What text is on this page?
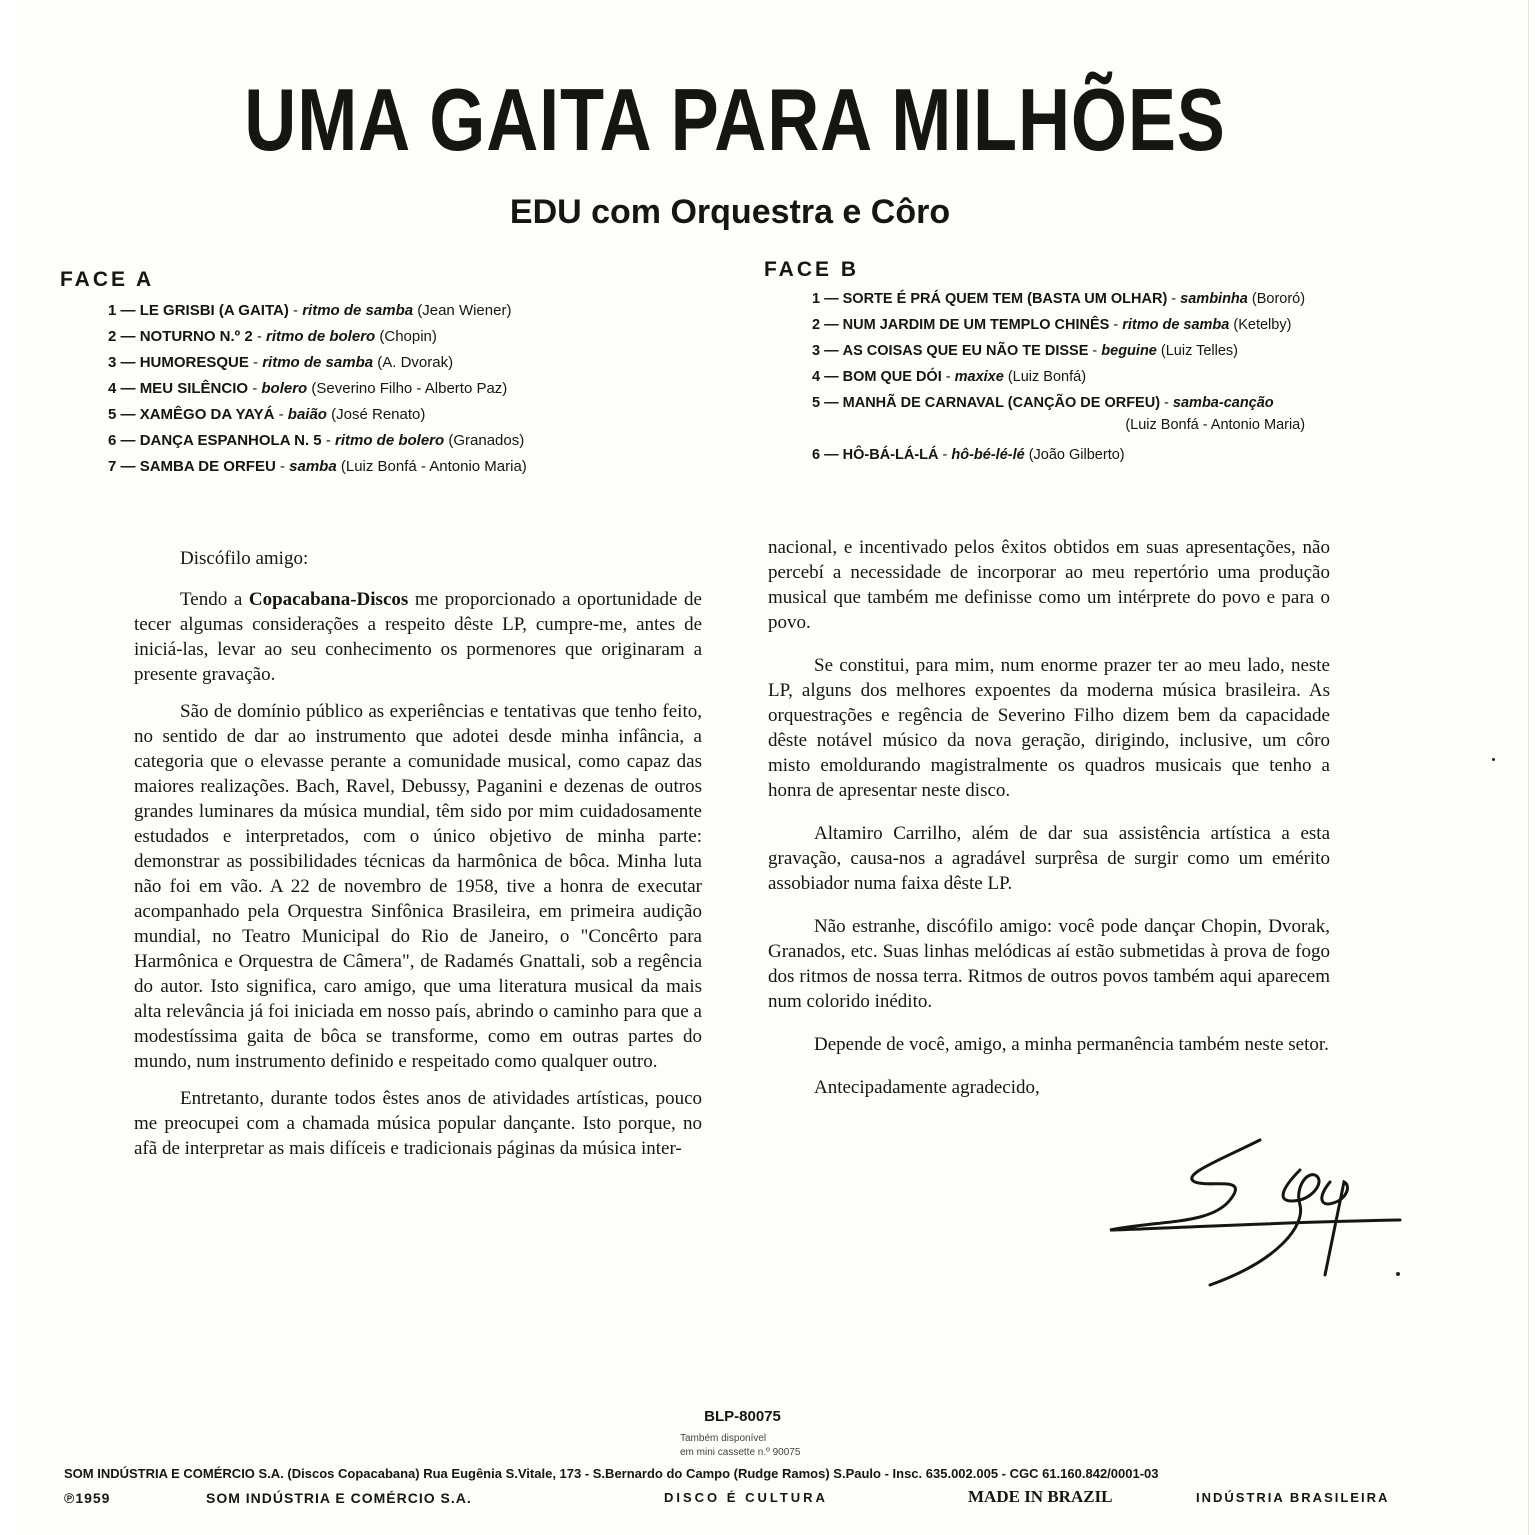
UMA GAITA PARA MILHÕES
EDU com Orquestra e Côro
FACE A
1 — LE GRISBI (A GAITA) - ritmo de samba (Jean Wiener)
2 — NOTURNO N.º 2 - ritmo de bolero (Chopin)
3 — HUMORESQUE - ritmo de samba (A. Dvorak)
4 — MEU SILÊNCIO - bolero (Severino Filho - Alberto Paz)
5 — XAMÊGO DA YAYÁ - baião (José Renato)
6 — DANÇA ESPANHOLA N. 5 - ritmo de bolero (Granados)
7 — SAMBA DE ORFEU - samba (Luiz Bonfá - Antonio Maria)
FACE B
1 — SORTE É PRÁ QUEM TEM (BASTA UM OLHAR) - sambinha (Bororó)
2 — NUM JARDIM DE UM TEMPLO CHINÊS - ritmo de samba (Ketelby)
3 — AS COISAS QUE EU NÃO TE DISSE - beguine (Luiz Telles)
4 — BOM QUE DÓI - maxixe (Luiz Bonfá)
5 — MANHÃ DE CARNAVAL (CANÇÃO DE ORFEU) - samba-canção
(Luiz Bonfá - Antonio Maria)
6 — HÔ-BÁ-LÁ-LÁ - hô-bé-lé-lé (João Gilberto)

Discófilo amigo:

Tendo a Copacabana-Discos me proporcionado a oportunidade de tecer algumas considerações a respeito dêste LP, cumpre-me, antes de iniciá-las, levar ao seu conhecimento os pormenores que originaram a presente gravação.

São de domínio público as experiências e tentativas que tenho feito, no sentido de dar ao instrumento que adotei desde minha infância, a categoria que o elevasse perante a comunidade musical, como capaz das maiores realizações. Bach, Ravel, Debussy, Paganini e dezenas de outros grandes luminares da música mundial, têm sido por mim cuidadosamente estudados e interpretados, com o único objetivo de minha parte: demonstrar as possibilidades técnicas da harmônica de bôca. Minha luta não foi em vão. A 22 de novembro de 1958, tive a honra de executar acompanhado pela Orquestra Sinfônica Brasileira, em primeira audição mundial, no Teatro Municipal do Rio de Janeiro, o "Concêrto para Harmônica e Orquestra de Câmera", de Radamés Gnattali, sob a regência do autor. Isto significa, caro amigo, que uma literatura musical da mais alta relevância já foi iniciada em nosso país, abrindo o caminho para que a modestíssima gaita de bôca se transforme, como em outras partes do mundo, num instrumento definido e respeitado como qualquer outro.

Entretanto, durante todos êstes anos de atividades artísticas, pouco me preocupei com a chamada música popular dançante. Isto porque, no afã de interpretar as mais difíceis e tradicionais páginas da música inter-

nacional, e incentivado pelos êxitos obtidos em suas apresentações, não percebí a necessidade de incorporar ao meu repertório uma produção musical que também me definisse como um intérprete do povo e para o povo.

Se constitui, para mim, num enorme prazer ter ao meu lado, neste LP, alguns dos melhores expoentes da moderna música brasileira. As orquestrações e regência de Severino Filho dizem bem da capacidade dêste notável músico da nova geração, dirigindo, inclusive, um côro misto emoldurando magistralmente os quadros musicais que tenho a honra de apresentar neste disco.

Altamiro Carrilho, além de dar sua assistência artística a esta gravação, causa-nos a agradável surprêsa de surgir como um emérito assobiador numa faixa dêste LP.

Não estranhe, discófilo amigo: você pode dançar Chopin, Dvorak, Granados, etc. Suas linhas melódicas aí estão submetidas à prova de fogo dos ritmos de nossa terra. Ritmos de outros povos também aqui aparecem num colorido inédito.

Depende de você, amigo, a minha permanência também neste setor.

Antecipadamente agradecido,

BLP-80075
Também disponível
em mini cassette n.º 90075
SOM INDÚSTRIA E COMÉRCIO S.A. (Discos Copacabana) Rua Eugênia S.Vitale, 173 - S.Bernardo do Campo (Rudge Ramos) S.Paulo - Insc. 635.002.005 - CGC 61.160.842/0001-03
℗1959	SOM INDÚSTRIA E COMÉRCIO S.A.	DISCO É CULTURA	MADE IN BRAZIL	INDÚSTRIA BRASILEIRA
